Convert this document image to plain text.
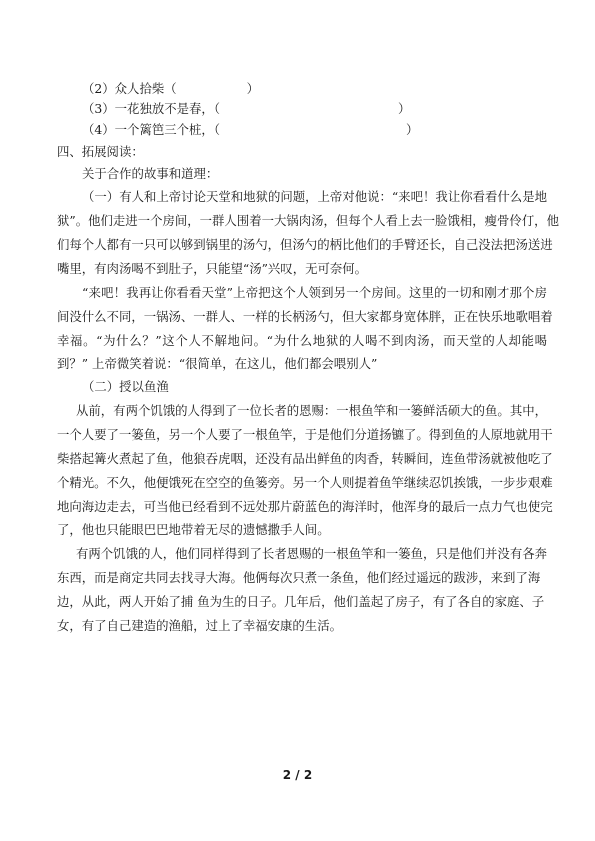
（2）众人拾柴（	）

（3）一花独放不是春，（	）

（4）一个篱笆三个桩，（	）

四、拓展阅读：

关于合作的故事和道理：

（一）有人和上帝讨论天堂和地狱的问题，上帝对他说：“来吧！我让你看看什么是地

狱”。他们走进一个房间，一群人围着一大锅肉汤，但每个人看上去一脸饿相，瘦骨伶仃，他

们每个人都有一只可以够到锅里的汤勺，但汤勺的柄比他们的手臂还长，自己没法把汤送进

嘴里，有肉汤喝不到肚子，只能望“汤”兴叹，无可奈何。

“来吧！我再让你看看天堂”上帝把这个人领到另一个房间。这里的一切和刚才那个房

间没什么不同，一锅汤、一群人、一样的长柄汤勺，但大家都身宽体胖，正在快乐地歌唱着

幸福。“为什么？”这个人不解地问。“为什么地狱的人喝不到肉汤，而天堂的人却能喝

到？” 上帝微笑着说：“很简单，在这儿，他们都会喂别人”

（二）授以鱼渔

从前，有两个饥饿的人得到了一位长者的恩赐：一根鱼竿和一篓鲜活硕大的鱼。其中，

一个人要了一篓鱼，另一个人要了一根鱼竿，于是他们分道扬镳了。得到鱼的人原地就用干

柴搭起篝火煮起了鱼，他狼吞虎咽，还没有品出鲜鱼的肉香，转瞬间，连鱼带汤就被他吃了

个精光。不久，他便饿死在空空的鱼篓旁。另一个人则提着鱼竿继续忍饥挨饿，一步步艰难

地向海边走去，可当他已经看到不远处那片蔚蓝色的海洋时，他浑身的最后一点力气也使完

了，他也只能眼巴巴地带着无尽的遗憾撒手人间。

有两个饥饿的人，他们同样得到了长者恩赐的一根鱼竿和一篓鱼，只是他们并没有各奔

东西，而是商定共同去找寻大海。他俩每次只煮一条鱼，他们经过遥远的跋涉，来到了海

边，从此，两人开始了捕 鱼为生的日子。几年后，他们盖起了房子，有了各自的家庭、子

女，有了自己建造的渔船，过上了幸福安康的生活。

2 / 2
